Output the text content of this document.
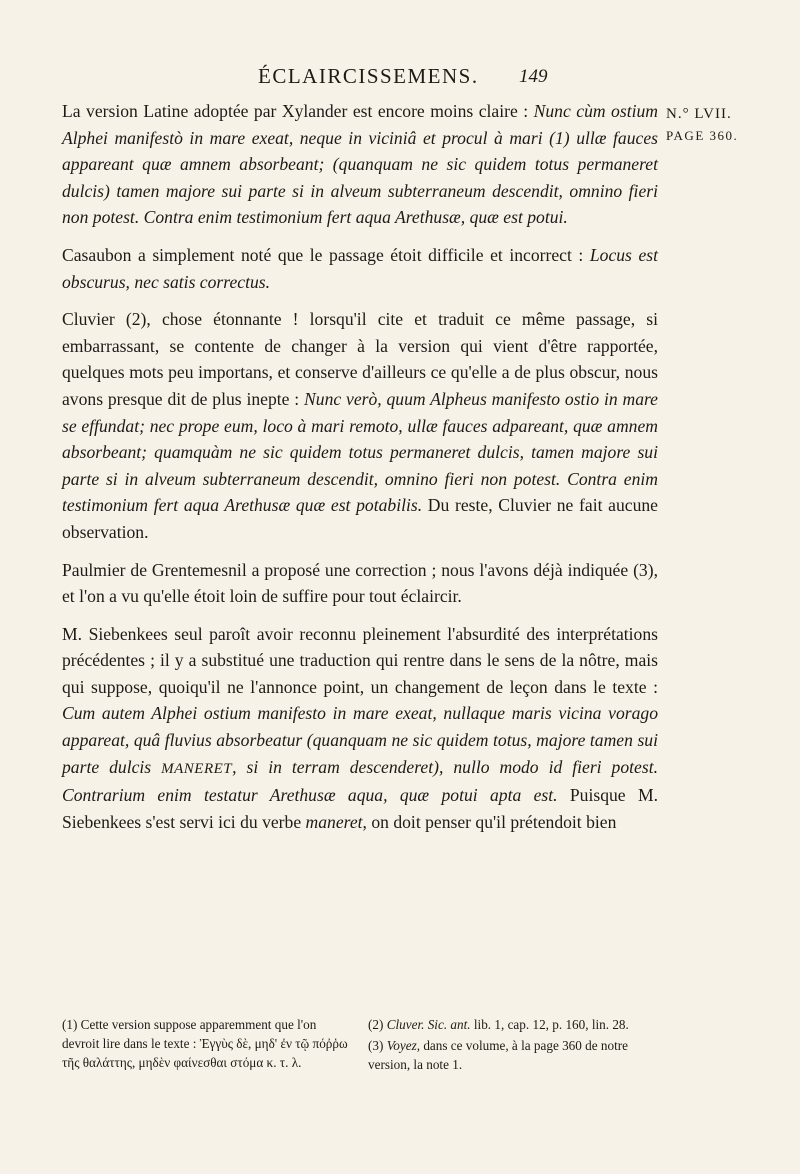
ÉCLAIRCISSEMENS. 149
N.° LVII.
PAGE 360.

La version Latine adoptée par Xylander est encore moins claire : Nunc cùm ostium Alphei manifestò in mare exeat, neque in viciniâ et procul à mari (1) ullæ fauces appareant quæ amnem absorbeant; (quanquam ne sic quidem totus permaneret dulcis) tamen majore sui parte si in alveum subterraneum descendit, omnino fieri non potest. Contra enim testimonium fert aqua Arethusæ, quæ est potui.

Casaubon a simplement noté que le passage étoit difficile et incorrect : Locus est obscurus, nec satis correctus.

Cluvier (2), chose étonnante ! lorsqu'il cite et traduit ce même passage, si embarrassant, se contente de changer à la version qui vient d'être rapportée, quelques mots peu importans, et conserve d'ailleurs ce qu'elle a de plus obscur, nous avons presque dit de plus inepte : Nunc verò, quum Alpheus manifesto ostio in mare se effundat; nec prope eum, loco à mari remoto, ullæ fauces adpareant, quæ amnem absorbeant; quamquàm ne sic quidem totus permaneret dulcis, tamen majore sui parte si in alveum subterraneum descendit, omnino fieri non potest. Contra enim testimonium fert aqua Arethusæ quæ est potabilis. Du reste, Cluvier ne fait aucune observation.

Paulmier de Grentemesnil a proposé une correction ; nous l'avons déjà indiquée (3), et l'on a vu qu'elle étoit loin de suffire pour tout éclaircir.

M. Siebenkees seul paroît avoir reconnu pleinement l'absurdité des interprétations précédentes ; il y a substitué une traduction qui rentre dans le sens de la nôtre, mais qui suppose, quoiqu'il ne l'annonce point, un changement de leçon dans le texte : Cum autem Alphei ostium manifesto in mare exeat, nullaque maris vicina vorago appareat, quâ fluvius absorbeatur (quanquam ne sic quidem totus, majore tamen sui parte dulcis MANERET, si in terram descenderet), nullo modo id fieri potest. Contrarium enim testatur Arethusæ aqua, quæ potui apta est. Puisque M. Siebenkees s'est servi ici du verbe maneret, on doit penser qu'il prétendoit bien

(1) Cette version suppose apparemment que l'on devroit lire dans le texte : Ἐγγὺς δὲ, μηδ' ἐν τῷ πόῤῥω τῆς θαλάττης, μηδὲν φαίνεσθαι στόμα κ. τ. λ.

(2) Cluver. Sic. ant. lib. 1, cap. 12, p. 160, lin. 28.

(3) Voyez, dans ce volume, à la page 360 de notre version, la note 1.
